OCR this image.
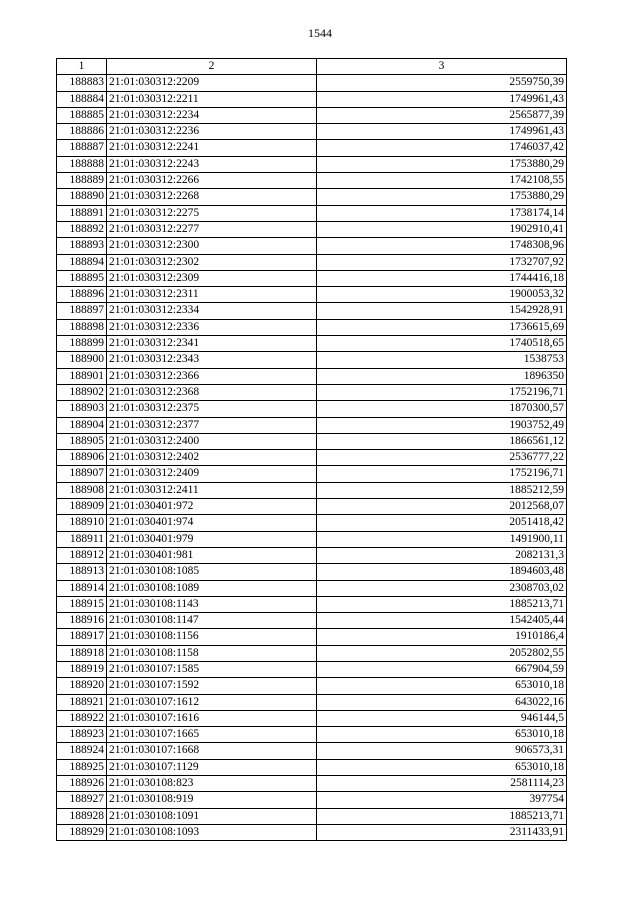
1544
1	2	3
188883	21:01:030312:2209	2559750,39
188884	21:01:030312:2211	1749961,43
188885	21:01:030312:2234	2565877,39
188886	21:01:030312:2236	1749961,43
188887	21:01:030312:2241	1746037,42
188888	21:01:030312:2243	1753880,29
188889	21:01:030312:2266	1742108,55
188890	21:01:030312:2268	1753880,29
188891	21:01:030312:2275	1738174,14
188892	21:01:030312:2277	1902910,41
188893	21:01:030312:2300	1748308,96
188894	21:01:030312:2302	1732707,92
188895	21:01:030312:2309	1744416,18
188896	21:01:030312:2311	1900053,32
188897	21:01:030312:2334	1542928,91
188898	21:01:030312:2336	1736615,69
188899	21:01:030312:2341	1740518,65
188900	21:01:030312:2343	1538753
188901	21:01:030312:2366	1896350
188902	21:01:030312:2368	1752196,71
188903	21:01:030312:2375	1870300,57
188904	21:01:030312:2377	1903752,49
188905	21:01:030312:2400	1866561,12
188906	21:01:030312:2402	2536777,22
188907	21:01:030312:2409	1752196,71
188908	21:01:030312:2411	1885212,59
188909	21:01:030401:972	2012568,07
188910	21:01:030401:974	2051418,42
188911	21:01:030401:979	1491900,11
188912	21:01:030401:981	2082131,3
188913	21:01:030108:1085	1894603,48
188914	21:01:030108:1089	2308703,02
188915	21:01:030108:1143	1885213,71
188916	21:01:030108:1147	1542405,44
188917	21:01:030108:1156	1910186,4
188918	21:01:030108:1158	2052802,55
188919	21:01:030107:1585	667904,59
188920	21:01:030107:1592	653010,18
188921	21:01:030107:1612	643022,16
188922	21:01:030107:1616	946144,5
188923	21:01:030107:1665	653010,18
188924	21:01:030107:1668	906573,31
188925	21:01:030107:1129	653010,18
188926	21:01:030108:823	2581114,23
188927	21:01:030108:919	397754
188928	21:01:030108:1091	1885213,71
188929	21:01:030108:1093	2311433,91
